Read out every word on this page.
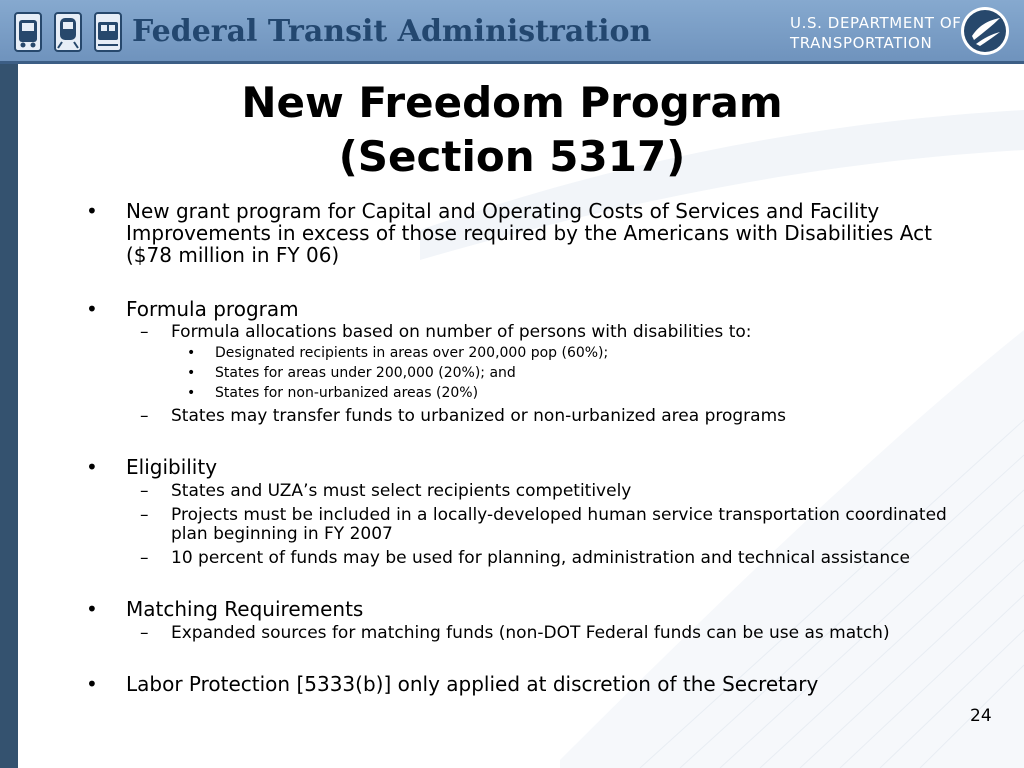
Federal Transit Administration	U.S. DEPARTMENT OF
TRANSPORTATION
New Freedom Program
(Section 5317)
• New grant program for Capital and Operating Costs of Services and Facility Improvements in excess of those required by the Americans with Disabilities Act ($78 million in FY 06)
• Formula program
– Formula allocations based on number of persons with disabilities to:
• Designated recipients in areas over 200,000 pop (60%);
• States for areas under 200,000 (20%); and
• States for non-urbanized areas (20%)
– States may transfer funds to urbanized or non-urbanized area programs
• Eligibility
– States and UZA’s must select recipients competitively
– Projects must be included in a locally-developed human service transportation coordinated plan beginning in FY 2007
– 10 percent of funds may be used for planning, administration and technical assistance
• Matching Requirements
– Expanded sources for matching funds (non-DOT Federal funds can be use as match)
• Labor Protection [5333(b)] only applied at discretion of the Secretary
24
